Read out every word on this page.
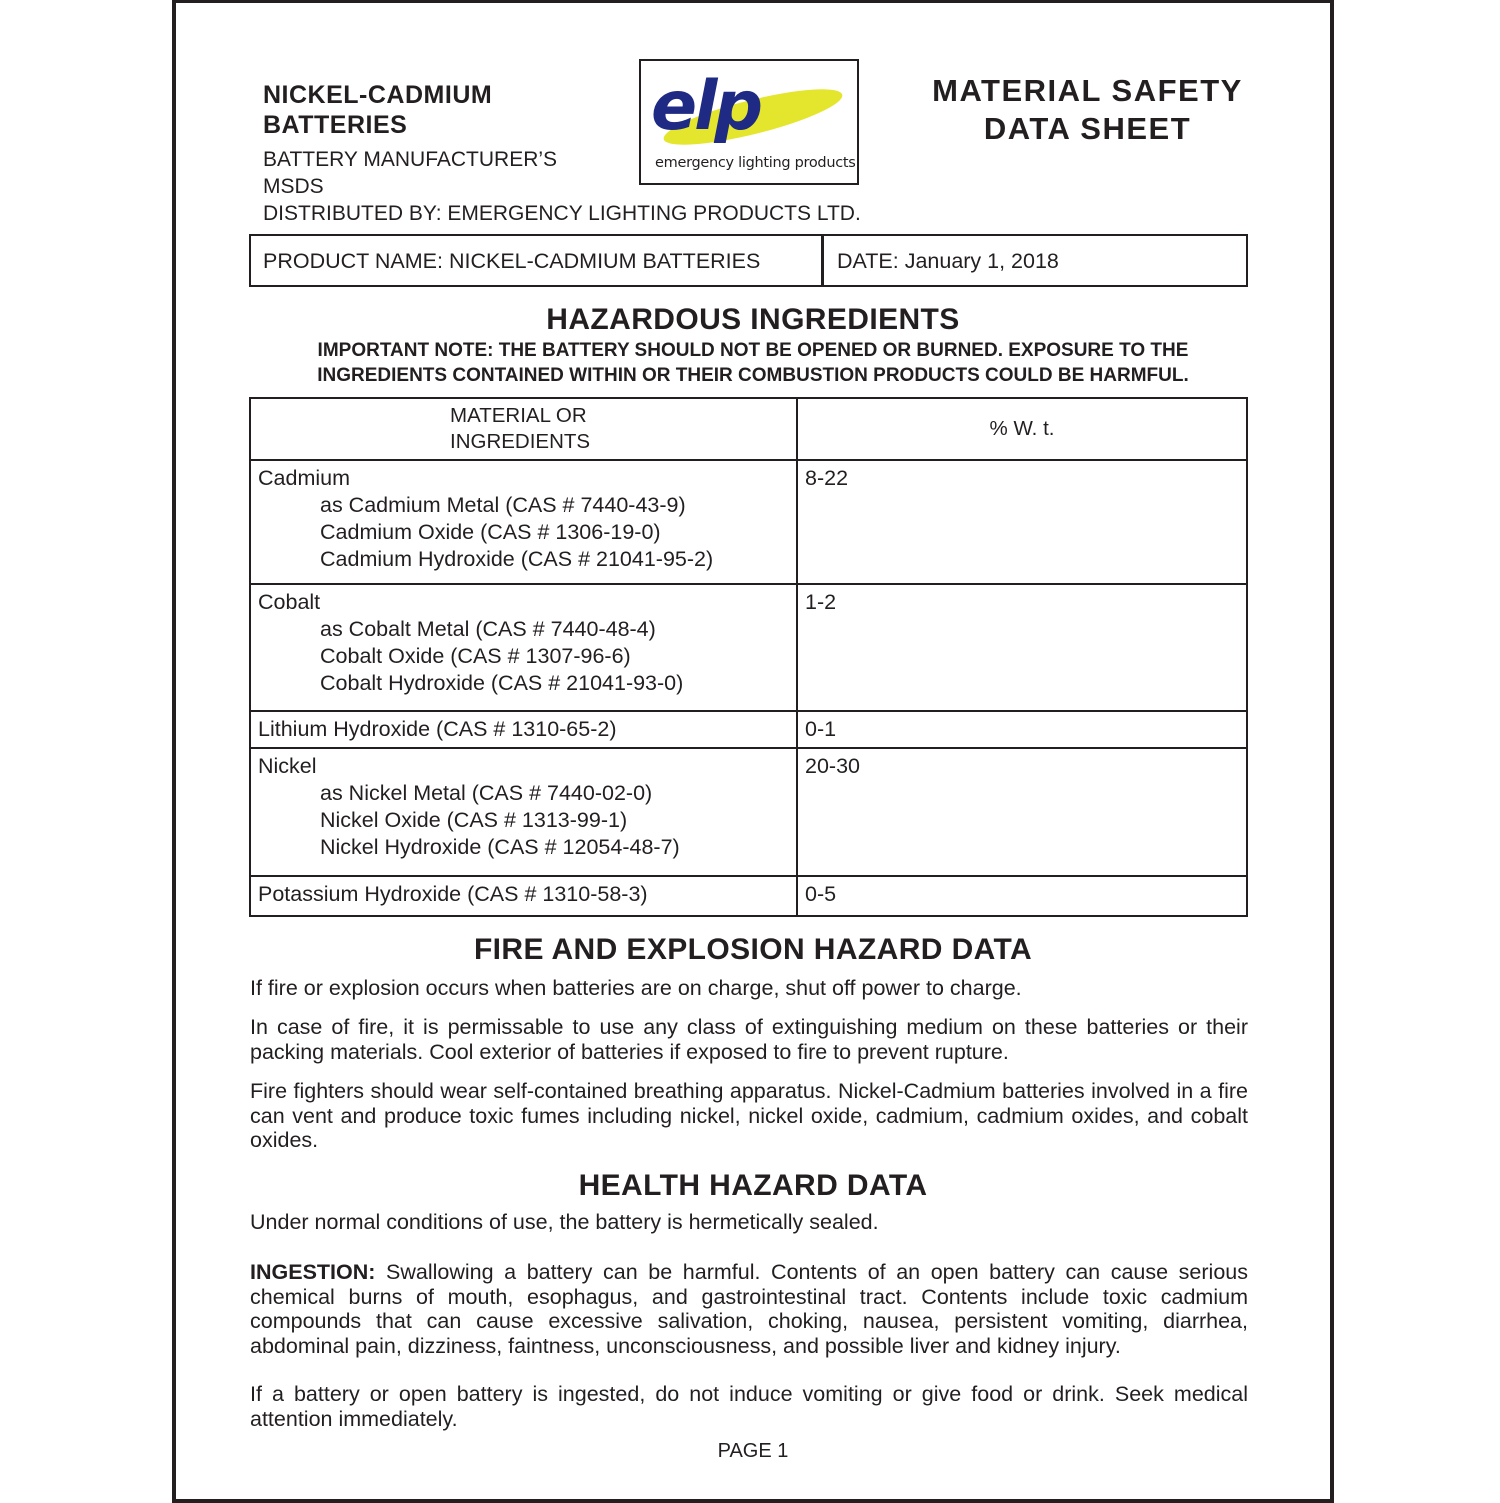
NICKEL-CADMIUM BATTERIES
BATTERY MANUFACTURER’S MSDS
DISTRIBUTED BY: EMERGENCY LIGHTING PRODUCTS LTD.
elp
emergency lighting products
MATERIAL SAFETY
DATA SHEET
PRODUCT NAME: NICKEL-CADMIUM BATTERIES	DATE: January 1, 2018
HAZARDOUS INGREDIENTS
IMPORTANT NOTE: THE BATTERY SHOULD NOT BE OPENED OR BURNED. EXPOSURE TO THE
INGREDIENTS CONTAINED WITHIN OR THEIR COMBUSTION PRODUCTS COULD BE HARMFUL.
MATERIAL OR
INGREDIENTS	% W. t.

Cadmium
as Cadmium Metal (CAS # 7440-43-9)
Cadmium Oxide (CAS # 1306-19-0)
Cadmium Hydroxide (CAS # 21041-95-2)	8-22

Cobalt
as Cobalt Metal (CAS # 7440-48-4)
Cobalt Oxide (CAS # 1307-96-6)
Cobalt Hydroxide (CAS # 21041-93-0)	1-2

Lithium Hydroxide (CAS # 1310-65-2)	0-1

Nickel
as Nickel Metal (CAS # 7440-02-0)
Nickel Oxide (CAS # 1313-99-1)
Nickel Hydroxide (CAS # 12054-48-7)	20-30

Potassium Hydroxide (CAS # 1310-58-3)	0-5
FIRE AND EXPLOSION HAZARD DATA
If fire or explosion occurs when batteries are on charge, shut off power to charge.
In case of fire, it is permissable to use any class of extinguishing medium on these batteries or their packing materials. Cool exterior of batteries if exposed to fire to prevent rupture.
Fire fighters should wear self-contained breathing apparatus. Nickel-Cadmium batteries involved in a fire can vent and produce toxic fumes including nickel, nickel oxide, cadmium, cadmium oxides, and cobalt oxides.
HEALTH HAZARD DATA
Under normal conditions of use, the battery is hermetically sealed.
INGESTION: Swallowing a battery can be harmful. Contents of an open battery can cause serious chemical burns of mouth, esophagus, and gastrointestinal tract. Contents include toxic cadmium compounds that can cause excessive salivation, choking, nausea, persistent vomiting, diarrhea, abdominal pain, dizziness, faintness, unconsciousness, and possible liver and kidney injury.
If a battery or open battery is ingested, do not induce vomiting or give food or drink. Seek medical attention immediately.
PAGE 1
